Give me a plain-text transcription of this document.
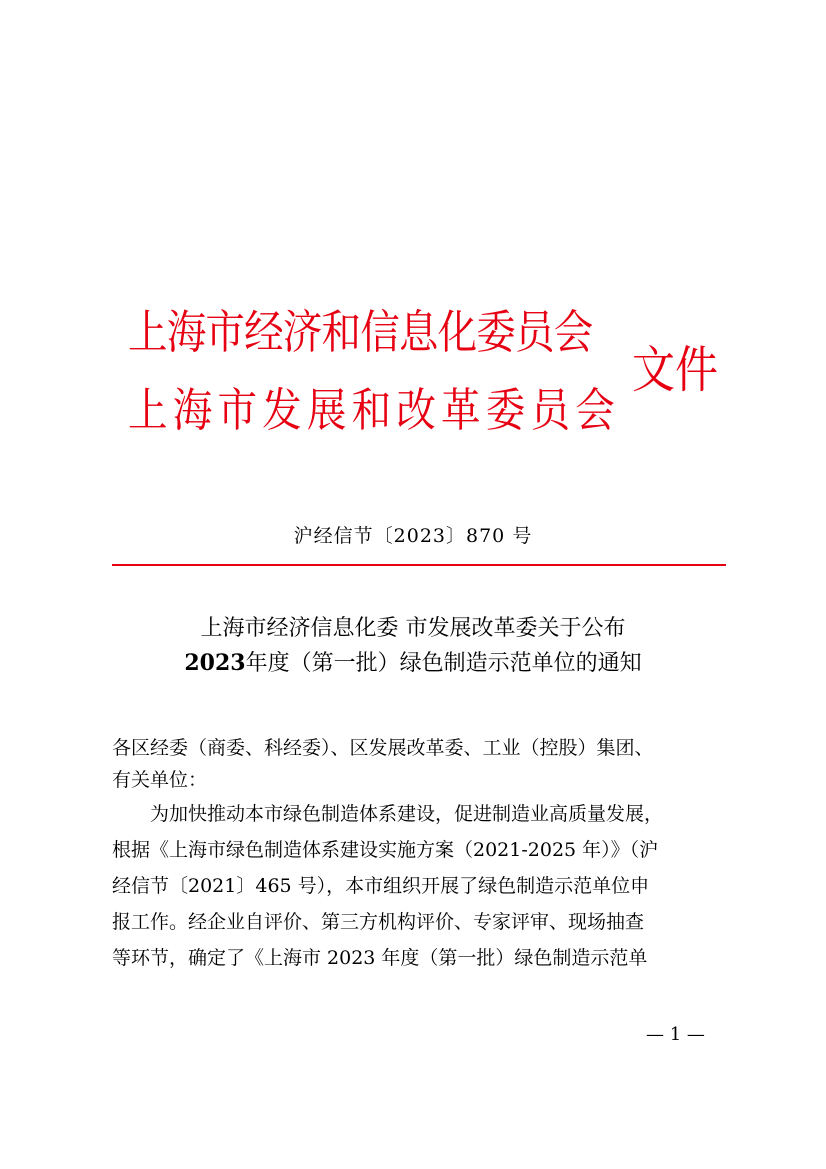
上海市经济和信息化委员会
上海市发展和改革委员会
文件
沪经信节〔2023〕870 号
上海市经济信息化委 市发展改革委关于公布
2023年度（第一批）绿色制造示范单位的通知
各区经委（商委、科经委）、区发展改革委、工业（控股）集团、
有关单位：
为加快推动本市绿色制造体系建设，促进制造业高质量发展，
根据《上海市绿色制造体系建设实施方案（2021-2025 年）》（沪
经信节〔2021〕465 号），本市组织开展了绿色制造示范单位申
报工作。经企业自评价、第三方机构评价、专家评审、现场抽查
等环节，确定了《上海市 2023 年度（第一批）绿色制造示范单
— 1 —
